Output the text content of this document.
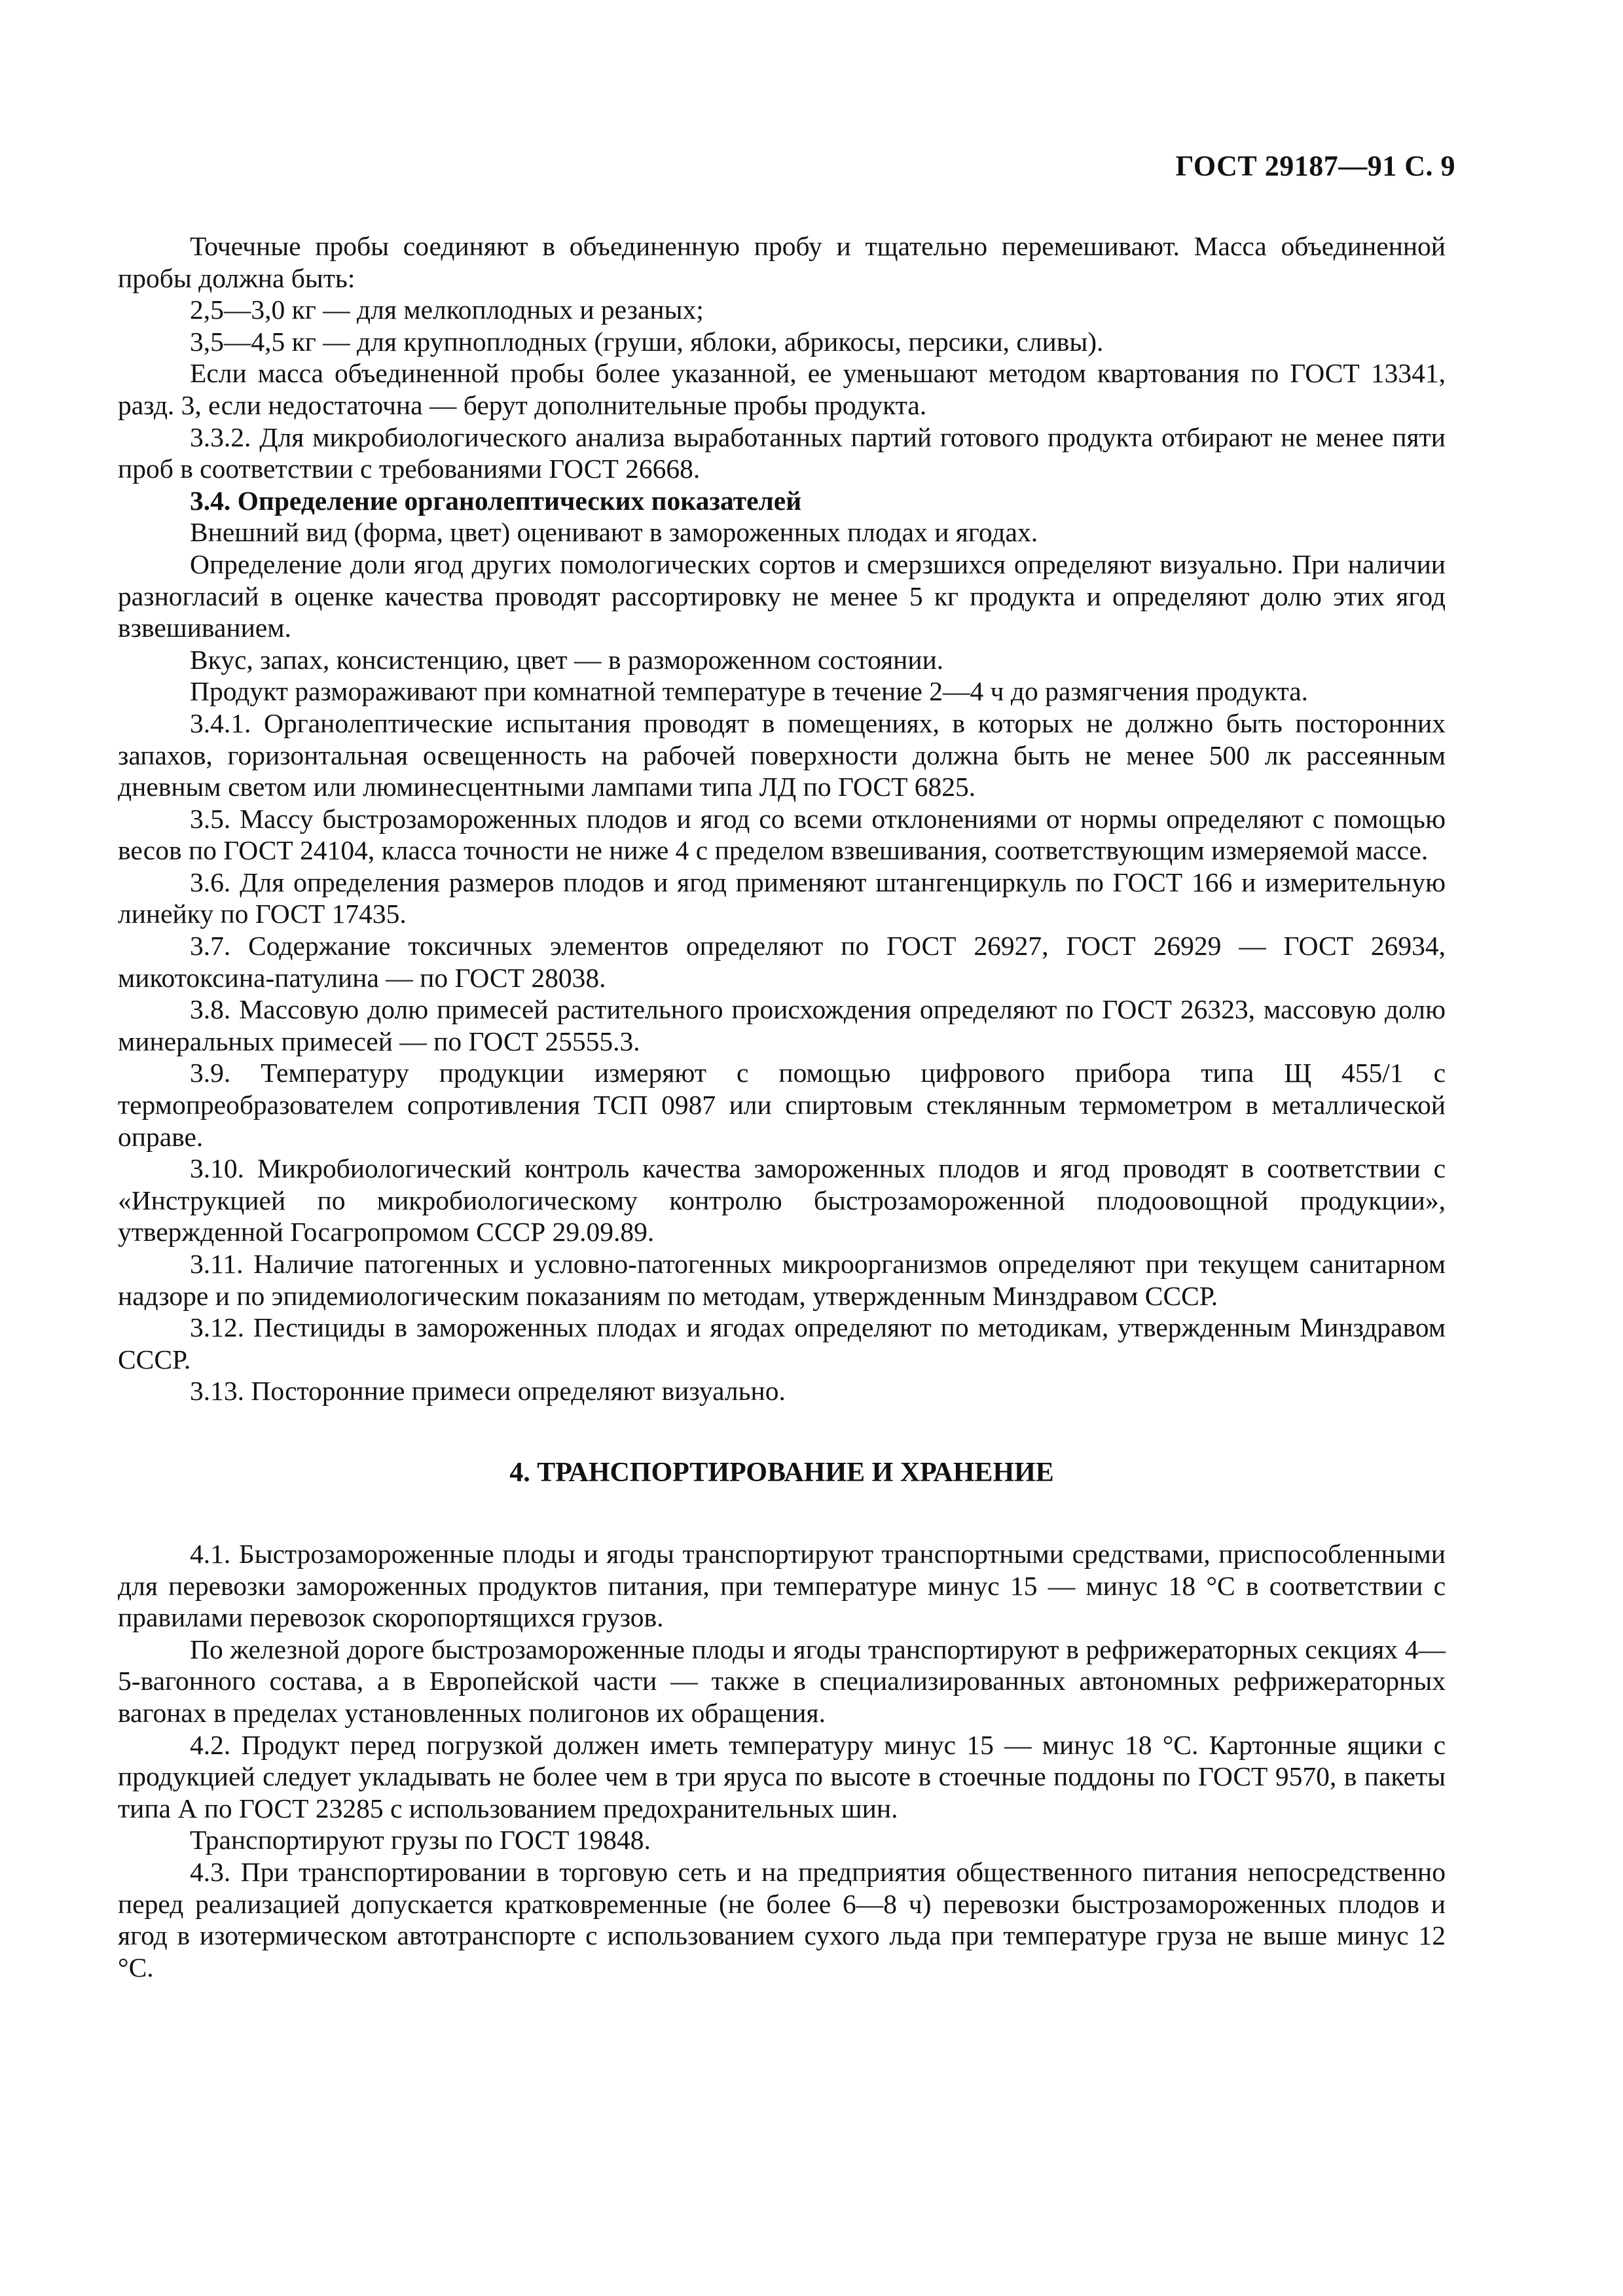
ГОСТ 29187—91 С. 9

Точечные пробы соединяют в объединенную пробу и тщательно перемешивают. Масса объединенной пробы должна быть:

2,5—3,0 кг — для мелкоплодных и резаных;

3,5—4,5 кг — для крупноплодных (груши, яблоки, абрикосы, персики, сливы).

Если масса объединенной пробы более указанной, ее уменьшают методом квартования по ГОСТ 13341, разд. 3, если недостаточна — берут дополнительные пробы продукта.

3.3.2. Для микробиологического анализа выработанных партий готового продукта отбирают не менее пяти проб в соответствии с требованиями ГОСТ 26668.

3.4. Определение органолептических показателей

Внешний вид (форма, цвет) оценивают в замороженных плодах и ягодах.

Определение доли ягод других помологических сортов и смерзшихся определяют визуально. При наличии разногласий в оценке качества проводят рассортировку не менее 5 кг продукта и определяют долю этих ягод взвешиванием.

Вкус, запах, консистенцию, цвет — в размороженном состоянии.

Продукт размораживают при комнатной температуре в течение 2—4 ч до размягчения продукта.

3.4.1. Органолептические испытания проводят в помещениях, в которых не должно быть посторонних запахов, горизонтальная освещенность на рабочей поверхности должна быть не менее 500 лк рассеянным дневным светом или люминесцентными лампами типа ЛД по ГОСТ 6825.

3.5. Массу быстрозамороженных плодов и ягод со всеми отклонениями от нормы определяют с помощью весов по ГОСТ 24104, класса точности не ниже 4 с пределом взвешивания, соответствующим измеряемой массе.

3.6. Для определения размеров плодов и ягод применяют штангенциркуль по ГОСТ 166 и измерительную линейку по ГОСТ 17435.

3.7. Содержание токсичных элементов определяют по ГОСТ 26927, ГОСТ 26929 — ГОСТ 26934, микотоксина-патулина — по ГОСТ 28038.

3.8. Массовую долю примесей растительного происхождения определяют по ГОСТ 26323, массовую долю минеральных примесей — по ГОСТ 25555.3.

3.9. Температуру продукции измеряют с помощью цифрового прибора типа Щ 455/1 с термопреобразователем сопротивления ТСП 0987 или спиртовым стеклянным термометром в металлической оправе.

3.10. Микробиологический контроль качества замороженных плодов и ягод проводят в соответствии с «Инструкцией по микробиологическому контролю быстрозамороженной плодоовощной продукции», утвержденной Госагропромом СССР 29.09.89.

3.11. Наличие патогенных и условно-патогенных микроорганизмов определяют при текущем санитарном надзоре и по эпидемиологическим показаниям по методам, утвержденным Минздравом СССР.

3.12. Пестициды в замороженных плодах и ягодах определяют по методикам, утвержденным Минздравом СССР.

3.13. Посторонние примеси определяют визуально.

4. ТРАНСПОРТИРОВАНИЕ И ХРАНЕНИЕ

4.1. Быстрозамороженные плоды и ягоды транспортируют транспортными средствами, приспособленными для перевозки замороженных продуктов питания, при температуре минус 15 — минус 18 °С в соответствии с правилами перевозок скоропортящихся грузов.

По железной дороге быстрозамороженные плоды и ягоды транспортируют в рефрижераторных секциях 4—5-вагонного состава, а в Европейской части — также в специализированных автономных рефрижераторных вагонах в пределах установленных полигонов их обращения.

4.2. Продукт перед погрузкой должен иметь температуру минус 15 — минус 18 °С. Картонные ящики с продукцией следует укладывать не более чем в три яруса по высоте в стоечные поддоны по ГОСТ 9570, в пакеты типа А по ГОСТ 23285 с использованием предохранительных шин.

Транспортируют грузы по ГОСТ 19848.

4.3. При транспортировании в торговую сеть и на предприятия общественного питания непосредственно перед реализацией допускается кратковременные (не более 6—8 ч) перевозки быстрозамороженных плодов и ягод в изотермическом автотранспорте с использованием сухого льда при температуре груза не выше минус 12 °С.
